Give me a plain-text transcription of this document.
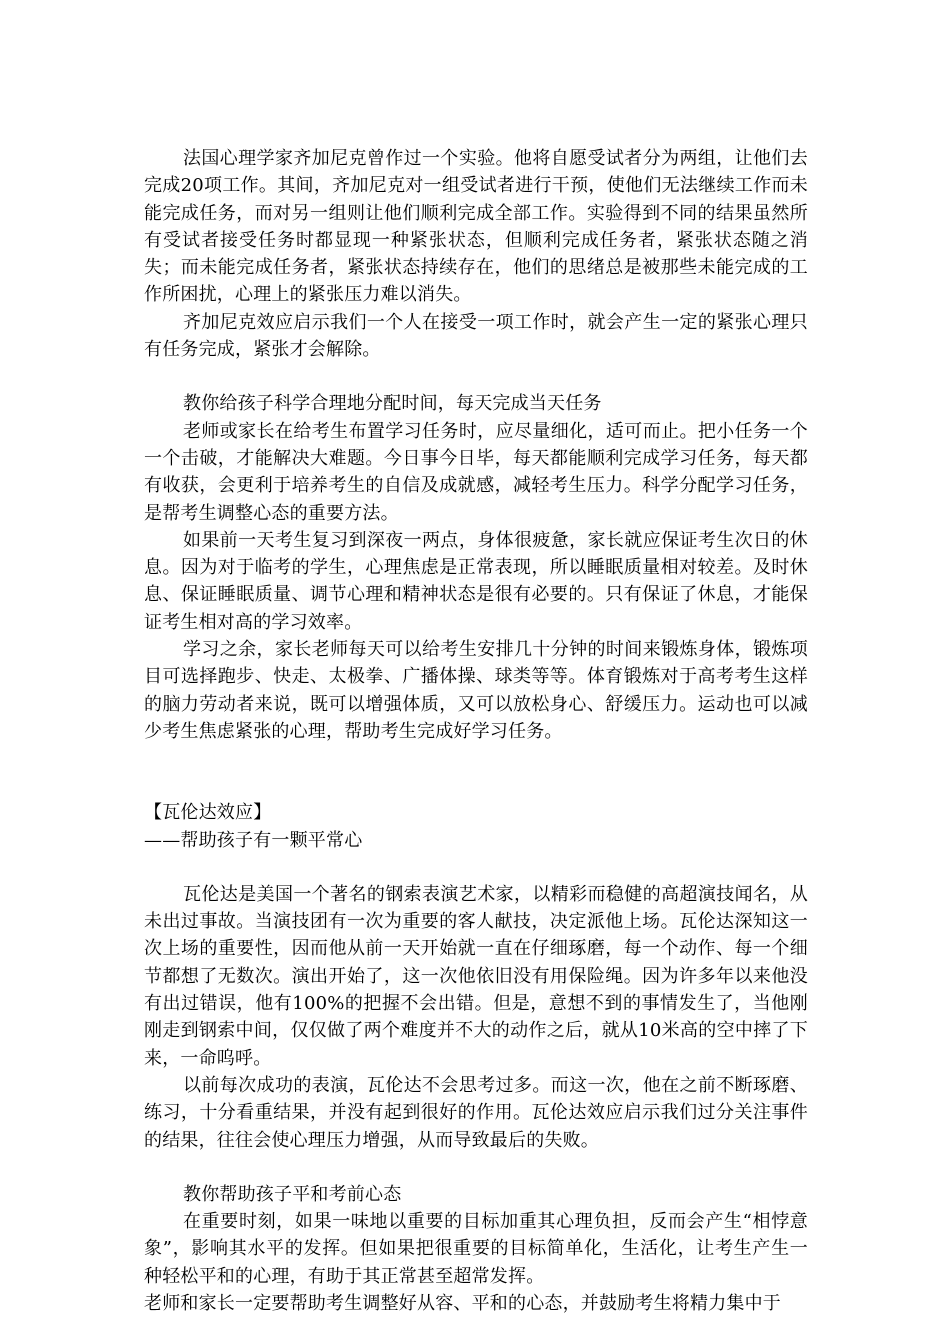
法国心理学家齐加尼克曾作过一个实验。他将自愿受试者分为两组，让他们去完成20项工作。其间，齐加尼克对一组受试者进行干预，使他们无法继续工作而未能完成任务，而对另一组则让他们顺利完成全部工作。实验得到不同的结果虽然所有受试者接受任务时都显现一种紧张状态，但顺利完成任务者，紧张状态随之消失；而未能完成任务者，紧张状态持续存在，他们的思绪总是被那些未能完成的工作所困扰，心理上的紧张压力难以消失。

齐加尼克效应启示我们一个人在接受一项工作时，就会产生一定的紧张心理只有任务完成，紧张才会解除。

教你给孩子科学合理地分配时间，每天完成当天任务

老师或家长在给考生布置学习任务时，应尽量细化，适可而止。把小任务一个一个击破，才能解决大难题。今日事今日毕，每天都能顺利完成学习任务，每天都有收获，会更利于培养考生的自信及成就感，减轻考生压力。科学分配学习任务，是帮考生调整心态的重要方法。

如果前一天考生复习到深夜一两点，身体很疲惫，家长就应保证考生次日的休息。因为对于临考的学生，心理焦虑是正常表现，所以睡眠质量相对较差。及时休息、保证睡眠质量、调节心理和精神状态是很有必要的。只有保证了休息，才能保证考生相对高的学习效率。

学习之余，家长老师每天可以给考生安排几十分钟的时间来锻炼身体，锻炼项目可选择跑步、快走、太极拳、广播体操、球类等等。体育锻炼对于高考考生这样的脑力劳动者来说，既可以增强体质，又可以放松身心、舒缓压力。运动也可以减少考生焦虑紧张的心理，帮助考生完成好学习任务。

【瓦伦达效应】

——帮助孩子有一颗平常心

瓦伦达是美国一个著名的钢索表演艺术家，以精彩而稳健的高超演技闻名，从未出过事故。当演技团有一次为重要的客人献技，决定派他上场。瓦伦达深知这一次上场的重要性，因而他从前一天开始就一直在仔细琢磨，每一个动作、每一个细节都想了无数次。演出开始了，这一次他依旧没有用保险绳。因为许多年以来他没有出过错误，他有100%的把握不会出错。但是，意想不到的事情发生了，当他刚刚走到钢索中间，仅仅做了两个难度并不大的动作之后，就从10米高的空中摔了下来，一命呜呼。

以前每次成功的表演，瓦伦达不会思考过多。而这一次，他在之前不断琢磨、练习，十分看重结果，并没有起到很好的作用。瓦伦达效应启示我们过分关注事件的结果，往往会使心理压力增强，从而导致最后的失败。

教你帮助孩子平和考前心态

在重要时刻，如果一味地以重要的目标加重其心理负担，反而会产生“相悖意象”，影响其水平的发挥。但如果把很重要的目标简单化，生活化，让考生产生一种轻松平和的心理，有助于其正常甚至超常发挥。

老师和家长一定要帮助考生调整好从容、平和的心态，并鼓励考生将精力集中于
